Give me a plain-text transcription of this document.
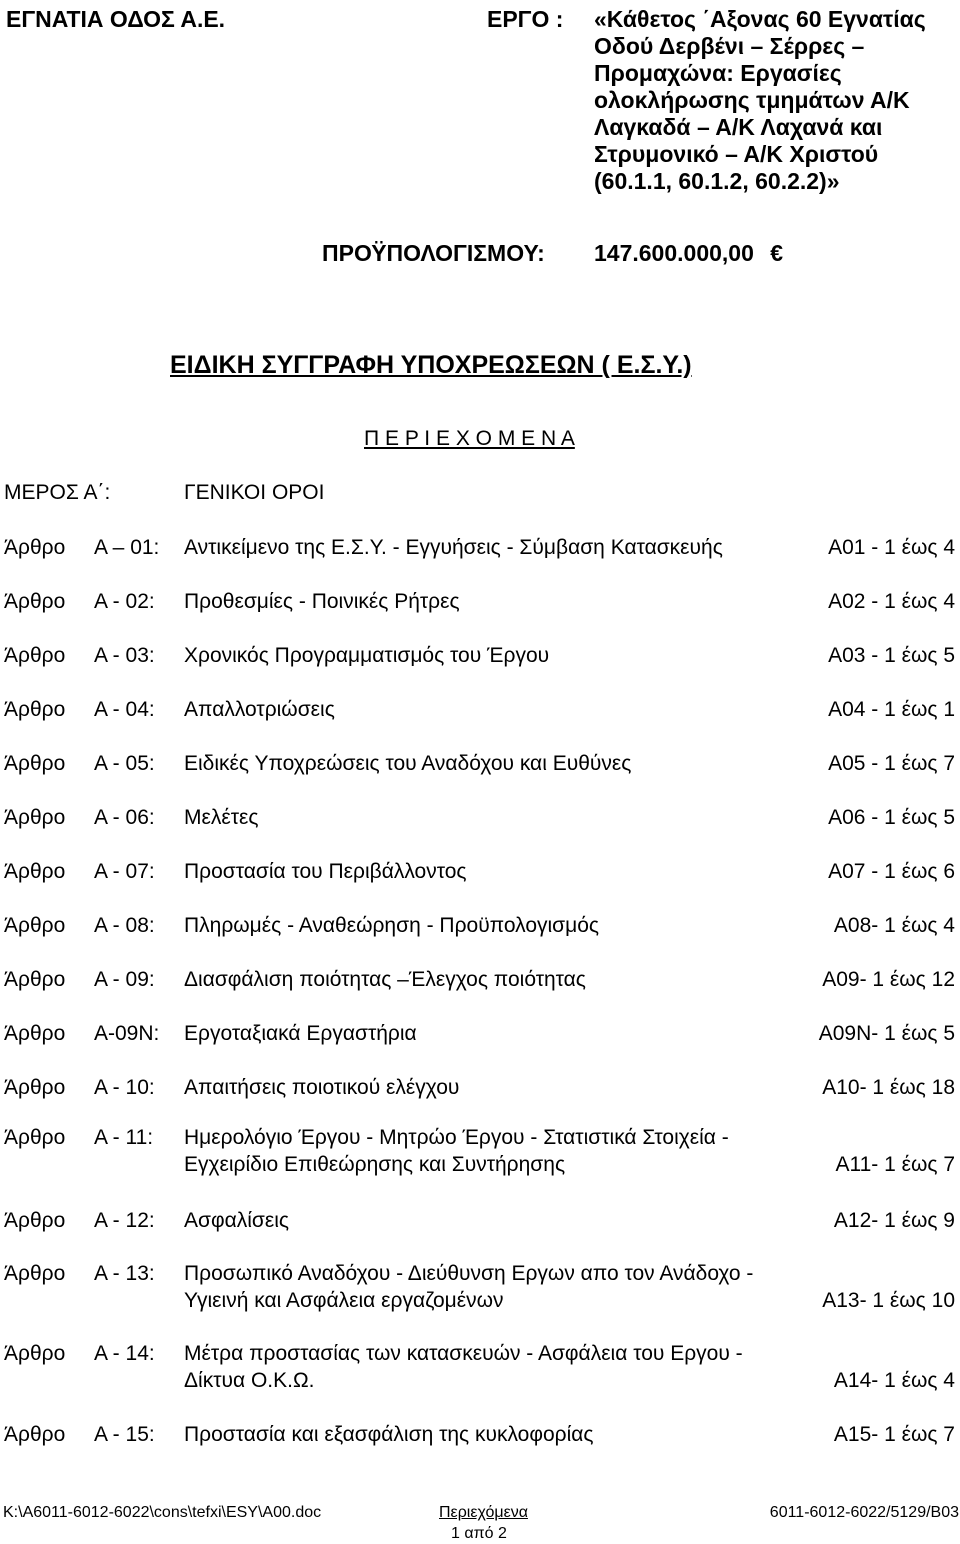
ΕΓΝΑΤΙΑ ΟΔΟΣ Α.Ε.	ΕΡΓΟ : «Κάθετος ΄Αξονας 60 Εγνατίας
Οδού Δερβένι – Σέρρες –
Προμαχώνα: Εργασίες
ολοκλήρωσης τμημάτων Α/Κ
Λαγκαδά – Α/Κ Λαχανά και
Στρυμονικό – Α/Κ Χριστού
(60.1.1, 60.1.2, 60.2.2)»
ΠΡΟΫΠΟΛΟΓΙΣΜΟΥ: 147.600.000,00 €
ΕΙΔΙΚΗ ΣΥΓΓΡΑΦΗ ΥΠΟΧΡΕΩΣΕΩΝ ( Ε.Σ.Υ.)
Π Ε Ρ Ι Ε Χ Ο Μ Ε Ν Α
ΜΕΡΟΣ Α΄:	ΓΕΝΙΚΟΙ ΟΡΟΙ
Άρθρο Α – 01: Αντικείμενο της Ε.Σ.Υ. - Εγγυήσεις - Σύμβαση Κατασκευής	Α01 - 1 έως 4
Άρθρο Α - 02: Προθεσμίες - Ποινικές Ρήτρες	Α02 - 1 έως 4
Άρθρο Α - 03: Χρονικός Προγραμματισμός του Έργου	Α03 - 1 έως 5
Άρθρο Α - 04: Απαλλοτριώσεις	Α04 - 1 έως 1
Άρθρο Α - 05: Ειδικές Υποχρεώσεις του Αναδόχου και Ευθύνες	Α05 - 1 έως 7
Άρθρο Α - 06: Μελέτες	Α06 - 1 έως 5
Άρθρο Α - 07: Προστασία του Περιβάλλοντος	Α07 - 1 έως 6
Άρθρο Α - 08: Πληρωμές - Αναθεώρηση - Προϋπολογισμός	Α08- 1 έως 4
Άρθρο Α - 09: Διασφάλιση ποιότητας –Έλεγχος ποιότητας	Α09- 1 έως 12
Άρθρο Α-09Ν: Εργοταξιακά Εργαστήρια	Α09Ν- 1 έως 5
Άρθρο Α - 10: Απαιτήσεις ποιοτικού ελέγχου	Α10- 1 έως 18
Άρθρο Α - 11: Ημερολόγιο Έργου - Μητρώο Έργου - Στατιστικά Στοιχεία -
Εγχειρίδιο Επιθεώρησης και Συντήρησης	Α11- 1 έως 7
Άρθρο Α - 12: Ασφαλίσεις	Α12- 1 έως 9
Άρθρο Α - 13: Προσωπικό Αναδόχου - Διεύθυνση Εργων απο τον Ανάδοχο -
Υγιεινή και Ασφάλεια εργαζομένων	Α13- 1 έως 10
Άρθρο Α - 14: Μέτρα προστασίας των κατασκευών - Ασφάλεια του Εργου -
Δίκτυα Ο.Κ.Ω.	Α14- 1 έως 4
Άρθρο Α - 15: Προστασία και εξασφάλιση της κυκλοφορίας	Α15- 1 έως 7
K:\A6011-6012-6022\cons\tefxi\ESY\A00.doc	Περιεχόμενα
1 από 2
6011-6012-6022/5129/Β03
